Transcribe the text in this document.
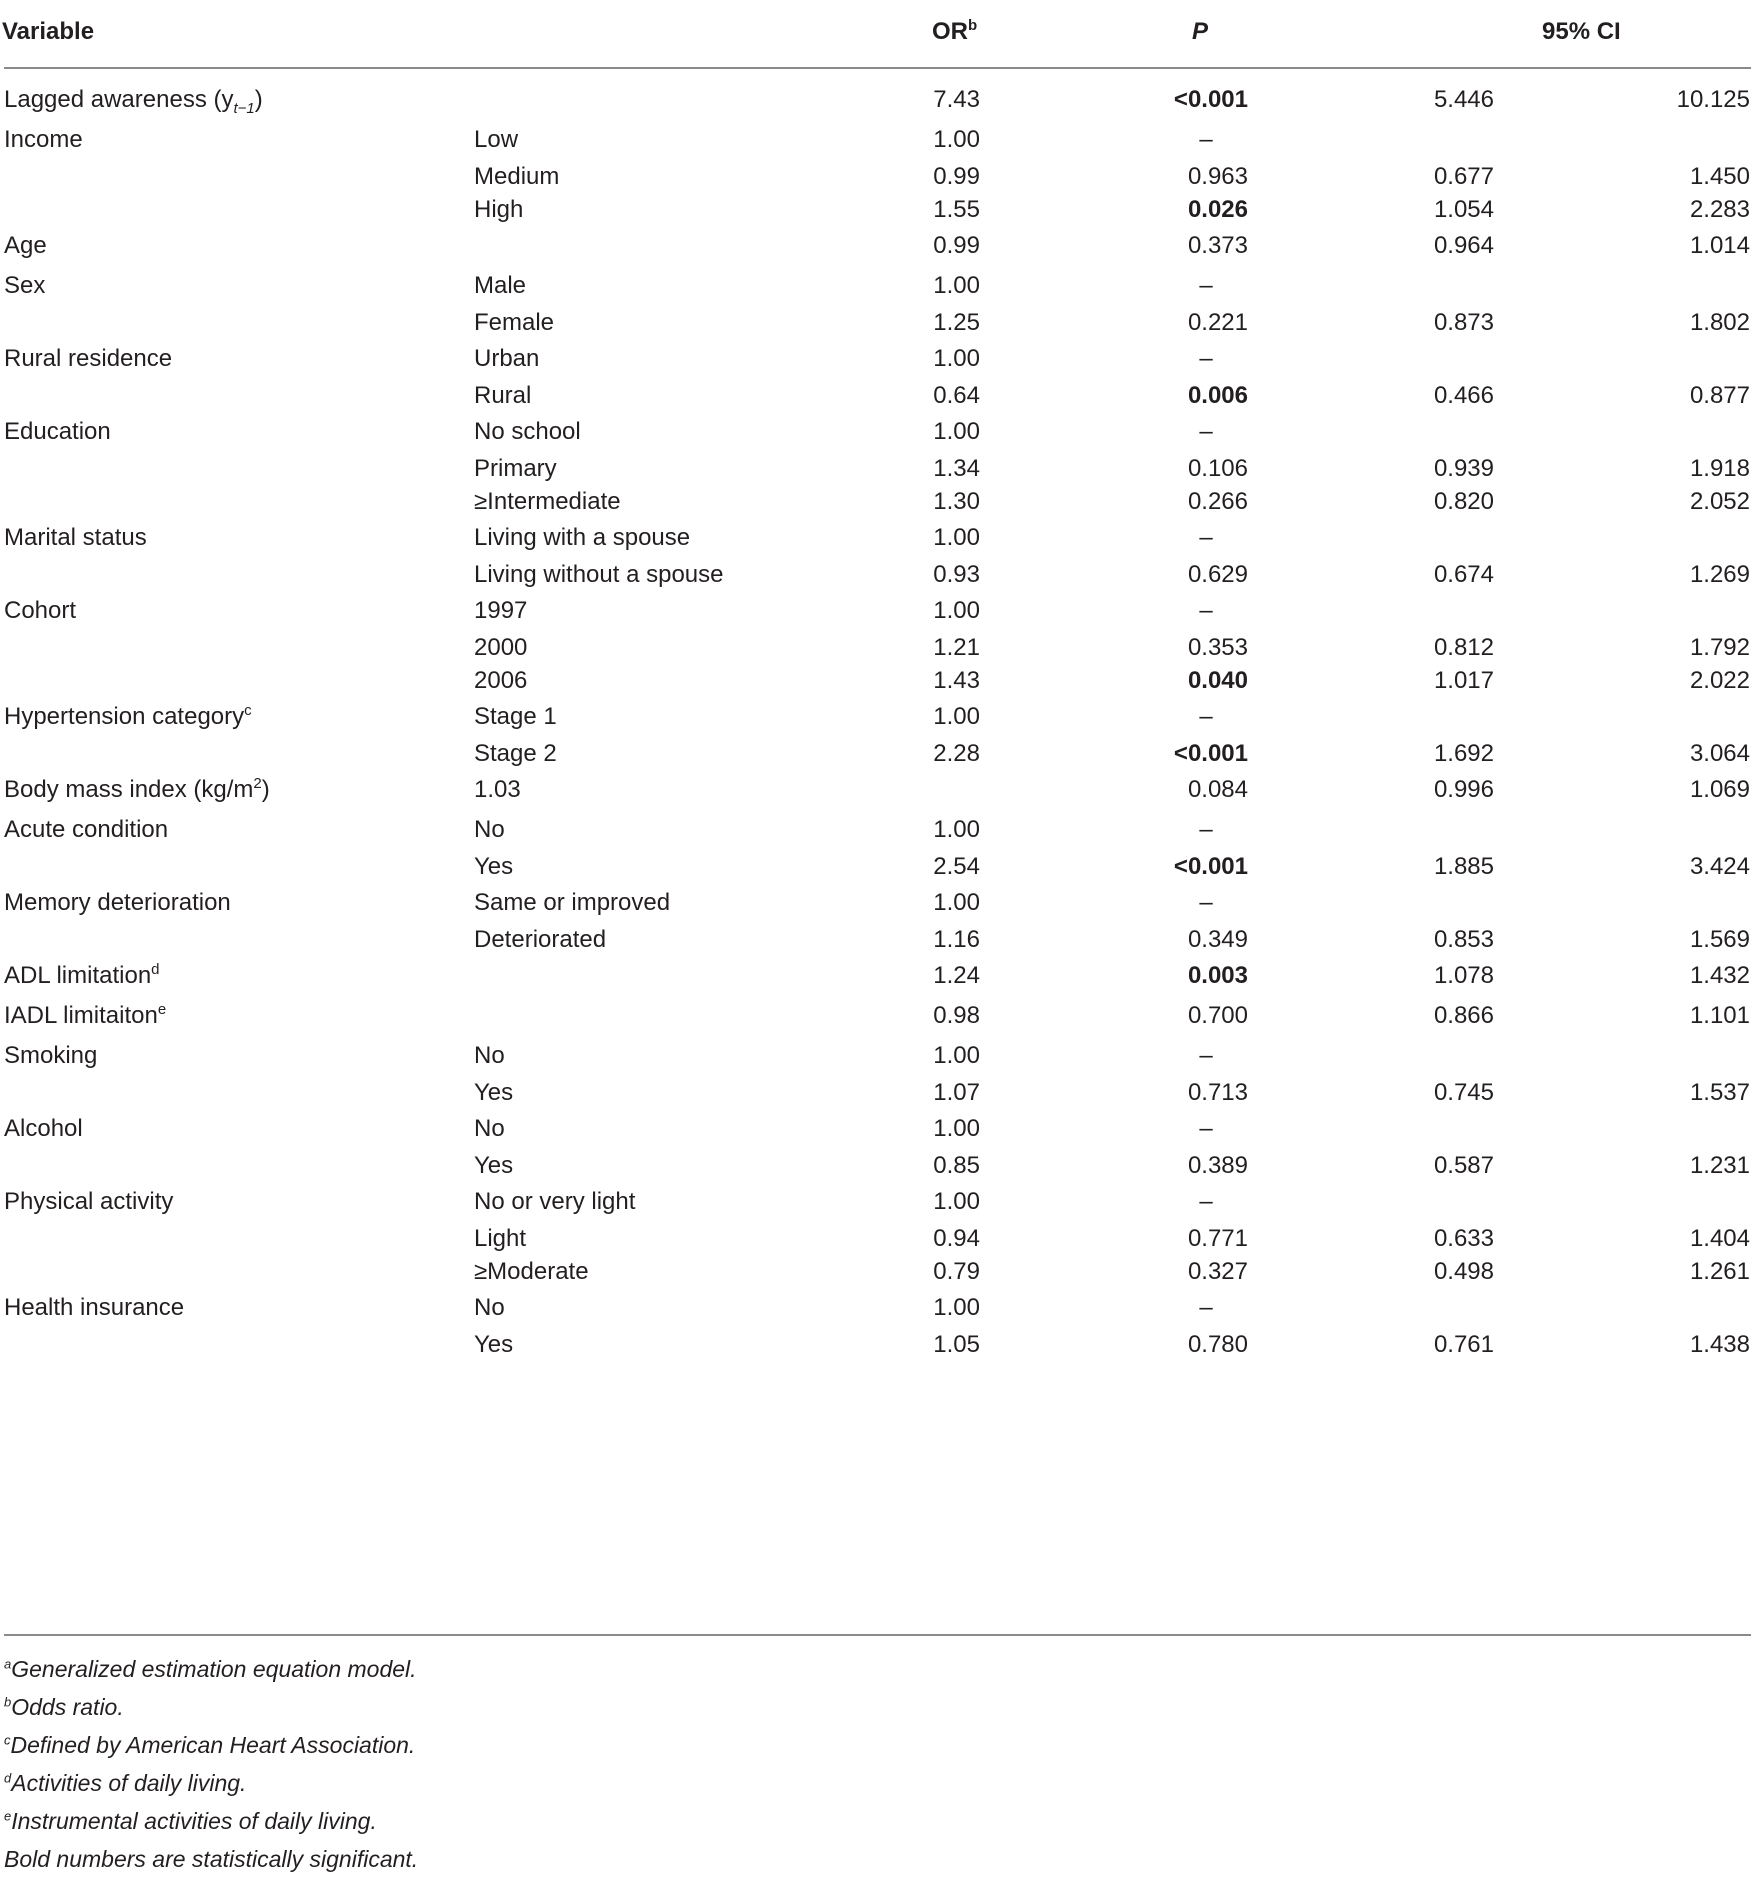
Variable	$OR^b$	P	95% CI
Lagged awareness $(y_{t-1})$	7.43	<0.001	5.446	10.125
Income	Low	1.00	–
Medium	0.99	0.963	0.677	1.450
High	1.55	0.026	1.054	2.283
Age	0.99	0.373	0.964	1.014
Sex	Male	1.00	–
Female	1.25	0.221	0.873	1.802
Rural residence	Urban	1.00	–
Rural	0.64	0.006	0.466	0.877
Education	No school	1.00	–
Primary	1.34	0.106	0.939	1.918
≥Intermediate	1.30	0.266	0.820	2.052
Marital status	Living with a spouse	1.00	–
Living without a spouse	0.93	0.629	0.674	1.269
Cohort	1997	1.00	–
2000	1.21	0.353	0.812	1.792
2006	1.43	0.040	1.017	2.022
Hypertension category$^c$	Stage 1	1.00	–
Stage 2	2.28	<0.001	1.692	3.064
Body mass index $(kg/m^2)$	1.03	0.084	0.996	1.069
Acute condition	No	1.00	–
Yes	2.54	<0.001	1.885	3.424
Memory deterioration	Same or improved	1.00	–
Deteriorated	1.16	0.349	0.853	1.569
ADL limitation$^d$	1.24	0.003	1.078	1.432
IADL limitaiton$^e$	0.98	0.700	0.866	1.101
Smoking	No	1.00	–
Yes	1.07	0.713	0.745	1.537
Alcohol	No	1.00	–
Yes	0.85	0.389	0.587	1.231
Physical activity	No or very light	1.00	–
Light	0.94	0.771	0.633	1.404
≥Moderate	0.79	0.327	0.498	1.261
Health insurance	No	1.00	–
Yes	1.05	0.780	0.761	1.438
$^a$Generalized estimation equation model.
$^b$Odds ratio.
$^c$Defined by American Heart Association.
$^d$Activities of daily living.
$^e$Instrumental activities of daily living.
Bold numbers are statistically significant.
